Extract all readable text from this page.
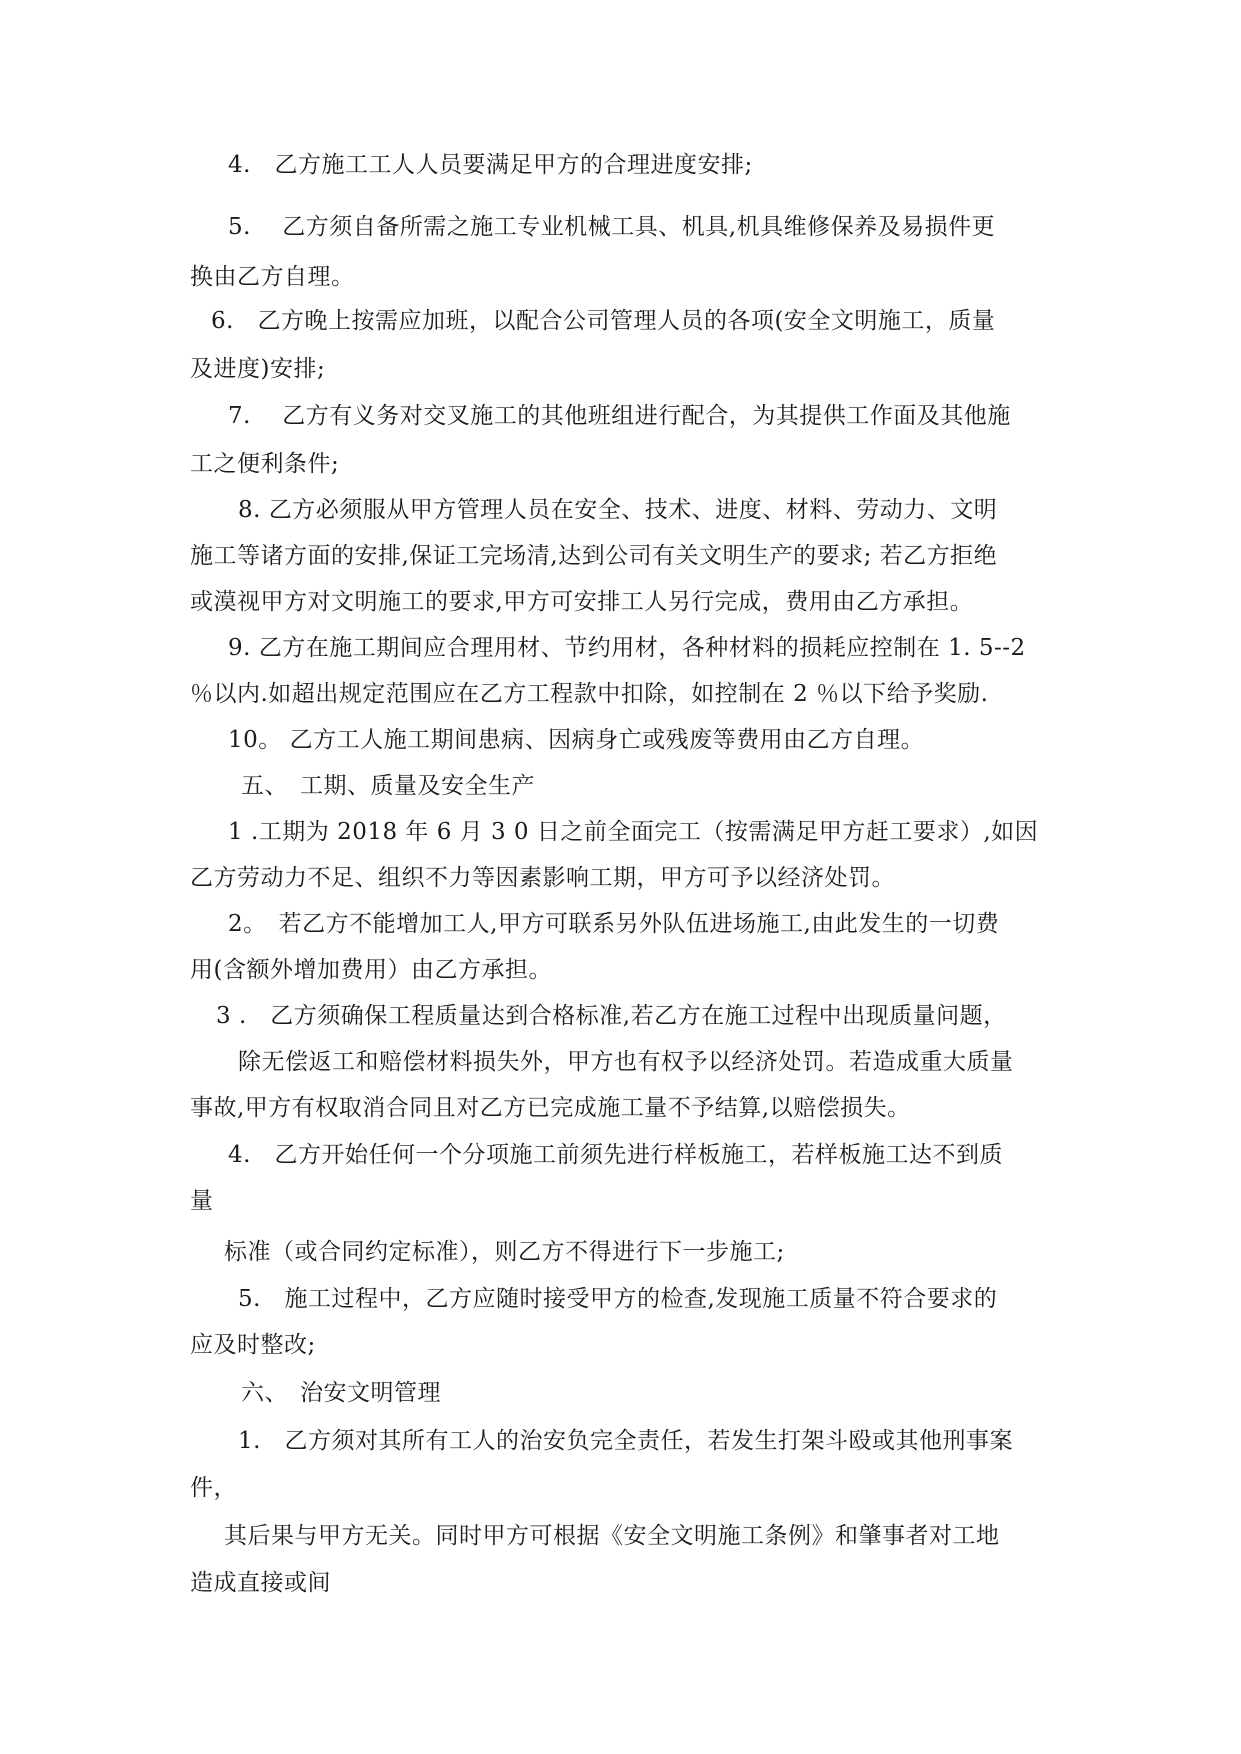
4.　乙方施工工人人员要满足甲方的合理进度安排;
5.　 乙方须自备所需之施工专业机械工具、机具,机具维修保养及易损件更
换由乙方自理。
6.　乙方晚上按需应加班，以配合公司管理人员的各项(安全文明施工，质量
及进度)安排;
7.　 乙方有义务对交叉施工的其他班组进行配合，为其提供工作面及其他施
工之便利条件;
8. 乙方必须服从甲方管理人员在安全、技术、进度、材料、劳动力、文明
施工等诸方面的安排,保证工完场清,达到公司有关文明生产的要求; 若乙方拒绝
或漠视甲方对文明施工的要求,甲方可安排工人另行完成，费用由乙方承担。
9. 乙方在施工期间应合理用材、节约用材，各种材料的损耗应控制在 1. 5--2
％以内.如超出规定范围应在乙方工程款中扣除，如控制在 2 ％以下给予奖励.
10。 乙方工人施工期间患病、因病身亡或残废等费用由乙方自理。
五、　工期、质量及安全生产
1 .工期为 2018 年 6 月 3 0 日之前全面完工（按需满足甲方赶工要求）,如因
乙方劳动力不足、组织不力等因素影响工期，甲方可予以经济处罚。
2。　若乙方不能增加工人,甲方可联系另外队伍进场施工,由此发生的一切费
用(含额外增加费用）由乙方承担。
3 .　乙方须确保工程质量达到合格标准,若乙方在施工过程中出现质量问题，
除无偿返工和赔偿材料损失外，甲方也有权予以经济处罚。若造成重大质量
事故,甲方有权取消合同且对乙方已完成施工量不予结算,以赔偿损失。
4.　乙方开始任何一个分项施工前须先进行样板施工，若样板施工达不到质
量
标准（或合同约定标准），则乙方不得进行下一步施工;
5.　施工过程中，乙方应随时接受甲方的检查,发现施工质量不符合要求的
应及时整改;
六、　治安文明管理
1.　乙方须对其所有工人的治安负完全责任，若发生打架斗殴或其他刑事案
件，
其后果与甲方无关。同时甲方可根据《安全文明施工条例》和肇事者对工地
造成直接或间
